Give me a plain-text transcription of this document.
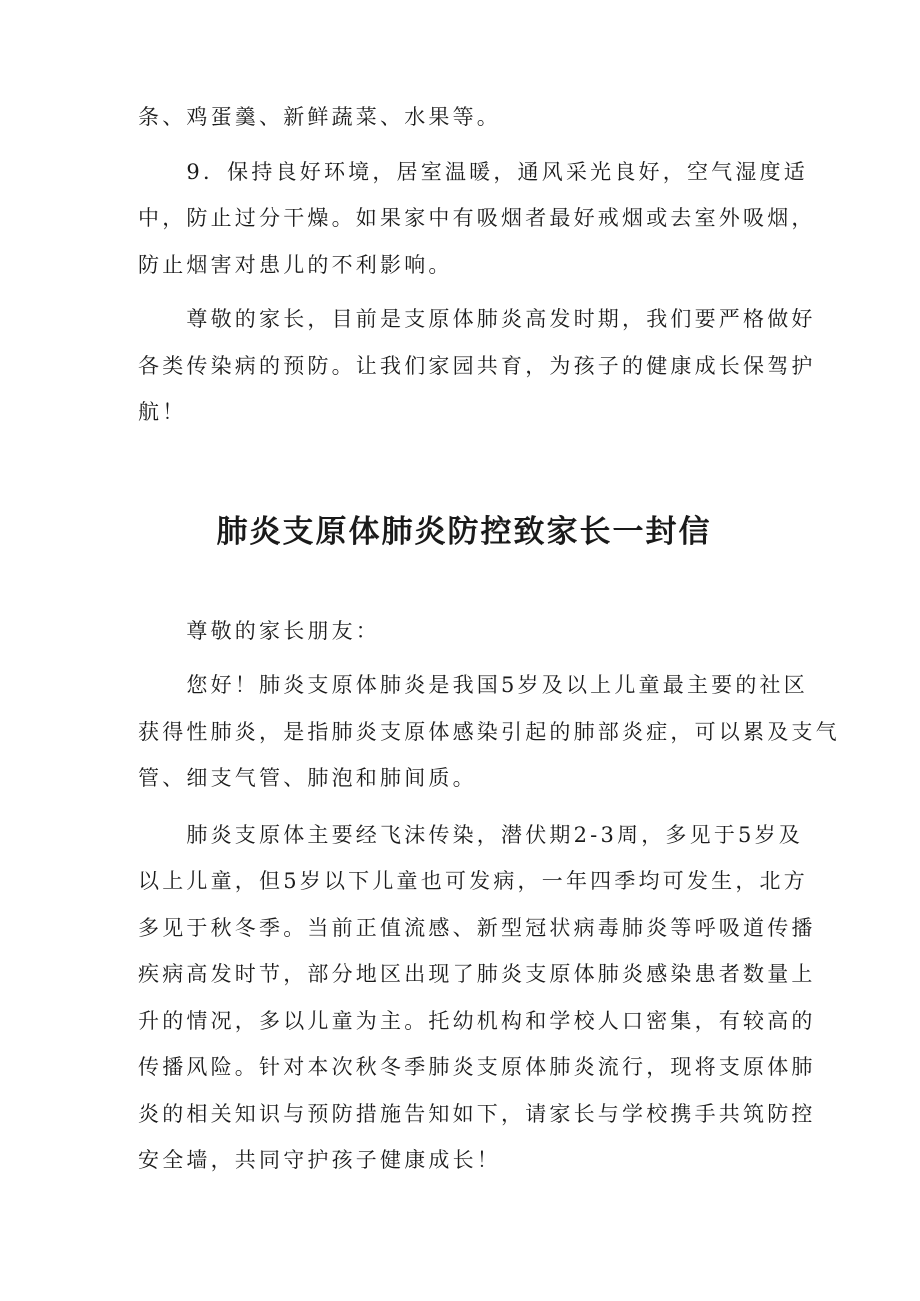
条、鸡蛋羹、新鲜蔬菜、水果等。
　　9．保持良好环境，居室温暖，通风采光良好，空气湿度适
中，防止过分干燥。如果家中有吸烟者最好戒烟或去室外吸烟，
防止烟害对患儿的不利影响。
　　尊敬的家长，目前是支原体肺炎高发时期，我们要严格做好
各类传染病的预防。让我们家园共育，为孩子的健康成长保驾护
航！
肺炎支原体肺炎防控致家长一封信
　　尊敬的家长朋友：
　　您好！肺炎支原体肺炎是我国5岁及以上儿童最主要的社区
获得性肺炎，是指肺炎支原体感染引起的肺部炎症，可以累及支气
管、细支气管、肺泡和肺间质。
　　肺炎支原体主要经飞沫传染，潜伏期2-3周，多见于5岁及
以上儿童，但5岁以下儿童也可发病，一年四季均可发生，北方
多见于秋冬季。当前正值流感、新型冠状病毒肺炎等呼吸道传播
疾病高发时节，部分地区出现了肺炎支原体肺炎感染患者数量上
升的情况，多以儿童为主。托幼机构和学校人口密集，有较高的
传播风险。针对本次秋冬季肺炎支原体肺炎流行，现将支原体肺
炎的相关知识与预防措施告知如下，请家长与学校携手共筑防控
安全墙，共同守护孩子健康成长！
